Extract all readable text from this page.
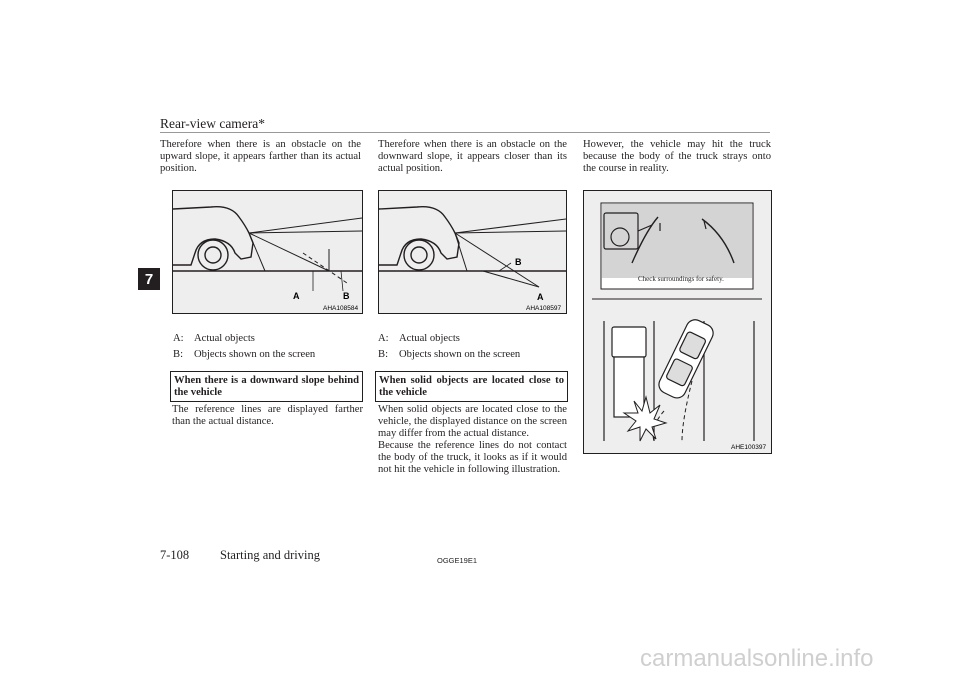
Rear-view camera*
7
Therefore when there is an obstacle on the upward slope, it appears farther than its actual position.
A	B
AHA108584
A: Actual objects
B:	Objects shown on the screen
When there is a downward slope behind the vehicle
The reference lines are displayed farther than the actual distance.
Therefore when there is an obstacle on the downward slope, it appears closer than its actual position.
B
A
AHA108597
A: Actual objects
B:	Objects shown on the screen
When solid objects are located close to the vehicle
When solid objects are located close to the vehicle, the displayed distance on the screen may differ from the actual distance.
Because the reference lines do not contact the body of the truck, it looks as if it would not hit the vehicle in following illustration.
However, the vehicle may hit the truck because the body of the truck strays onto the course in reality.
Check surroundings for safety.
AHE100397
7-108 Starting and driving	OGGE19E1
carmanualsonline.info
